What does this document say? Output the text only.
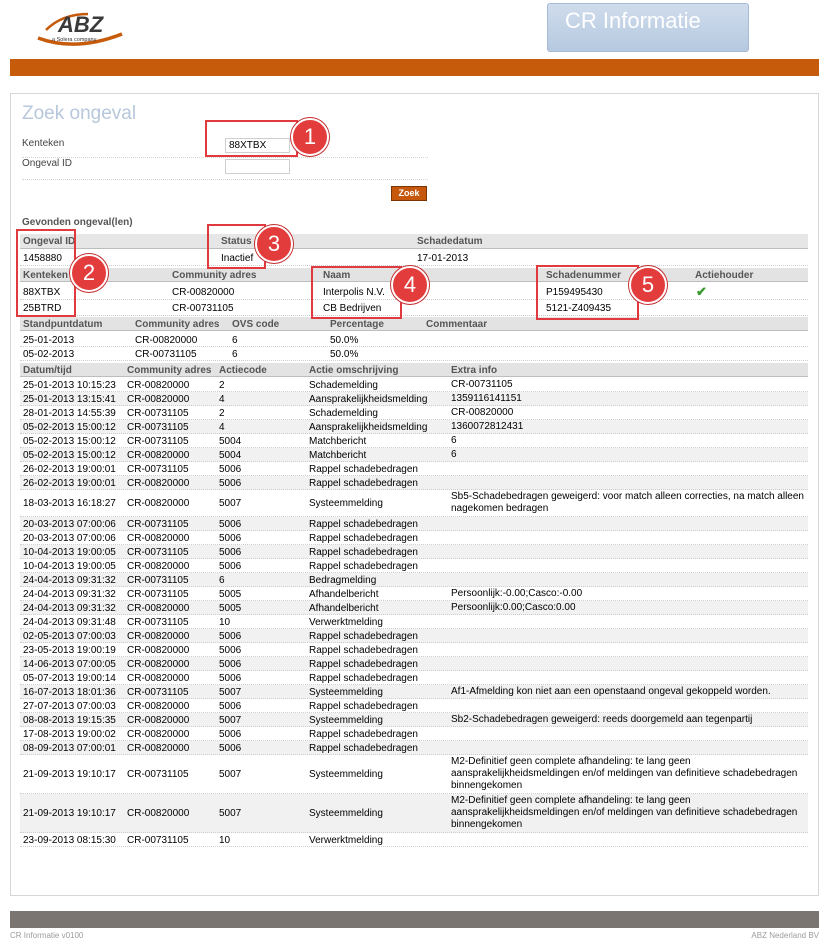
ABZ
a Solera company
CR Informatie
Zoek ongeval
Kenteken
88XTBX
Ongeval ID
Zoek
Gevonden ongeval(len)
Ongeval ID	Status	Schadedatum
1458880	Inactief	17-01-2013
Kenteken	Community adres	Naam	Schadenummer	Actiehouder
88XTBX	CR-00820000	Interpolis N.V.	P159495430	✔
25BTRD	CR-00731105	CB Bedrijven	5121-Z409435
Standpuntdatum	Community adres OVS code	Percentage	Commentaar
25-01-2013	CR-00820000	6	50.0%
05-02-2013	CR-00731105	6	50.0%
Datum/tijd	Community adres Actiecode	Actie omschrijving	Extra info
25-01-2013 10:15:23 CR-00820000	2	Schademelding	CR-00731105
25-01-2013 13:15:41 CR-00820000	4	Aansprakelijkheidsmelding 1359116141151
28-01-2013 14:55:39 CR-00731105	2	Schademelding	CR-00820000
05-02-2013 15:00:12 CR-00731105	4	Aansprakelijkheidsmelding 1360072812431
05-02-2013 15:00:12 CR-00731105	5004	Matchbericht	6
05-02-2013 15:00:12 CR-00820000	5004	Matchbericht	6
26-02-2013 19:00:01 CR-00731105	5006	Rappel schadebedragen
26-02-2013 19:00:01 CR-00820000	5006	Rappel schadebedragen
18-03-2013 16:18:27 CR-00820000	5007	Systeemmelding
Sb5-Schadebedragen geweigerd: voor match alleen correcties, na match alleen nagekomen bedragen
20-03-2013 07:00:06 CR-00731105	5006	Rappel schadebedragen
20-03-2013 07:00:06 CR-00820000	5006	Rappel schadebedragen
10-04-2013 19:00:05 CR-00731105	5006	Rappel schadebedragen
10-04-2013 19:00:05 CR-00820000	5006	Rappel schadebedragen
24-04-2013 09:31:32 CR-00731105	6	Bedragmelding
24-04-2013 09:31:32 CR-00731105	5005	Afhandelbericht	Persoonlijk:-0.00;Casco:-0.00
24-04-2013 09:31:32 CR-00820000	5005	Afhandelbericht	Persoonlijk:0.00;Casco:0.00
24-04-2013 09:31:48 CR-00731105	10	Verwerktmelding
02-05-2013 07:00:03 CR-00820000	5006	Rappel schadebedragen
23-05-2013 19:00:19 CR-00820000	5006	Rappel schadebedragen
14-06-2013 07:00:05 CR-00820000	5006	Rappel schadebedragen
05-07-2013 19:00:14 CR-00820000	5006	Rappel schadebedragen
16-07-2013 18:01:36 CR-00731105	5007	Systeemmelding	Af1-Afmelding kon niet aan een openstaand ongeval gekoppeld worden.
27-07-2013 07:00:03 CR-00820000	5006	Rappel schadebedragen
08-08-2013 19:15:35 CR-00820000	5007	Systeemmelding	Sb2-Schadebedragen geweigerd: reeds doorgemeld aan tegenpartij
17-08-2013 19:00:02 CR-00820000	5006	Rappel schadebedragen
08-09-2013 07:00:01 CR-00820000	5006	Rappel schadebedragen
21-09-2013 19:10:17 CR-00731105	5007	Systeemmelding
M2-Definitief geen complete afhandeling: te lang geen aansprakelijkheidsmeldingen en/of meldingen van definitieve schadebedragen binnengekomen
21-09-2013 19:10:17 CR-00820000	5007	Systeemmelding
M2-Definitief geen complete afhandeling: te lang geen aansprakelijkheidsmeldingen en/of meldingen van definitieve schadebedragen binnengekomen
23-09-2013 08:15:30 CR-00731105	10	Verwerktmelding
1
2
3
4	5
CR Informatie v0100	ABZ Nederland BV
